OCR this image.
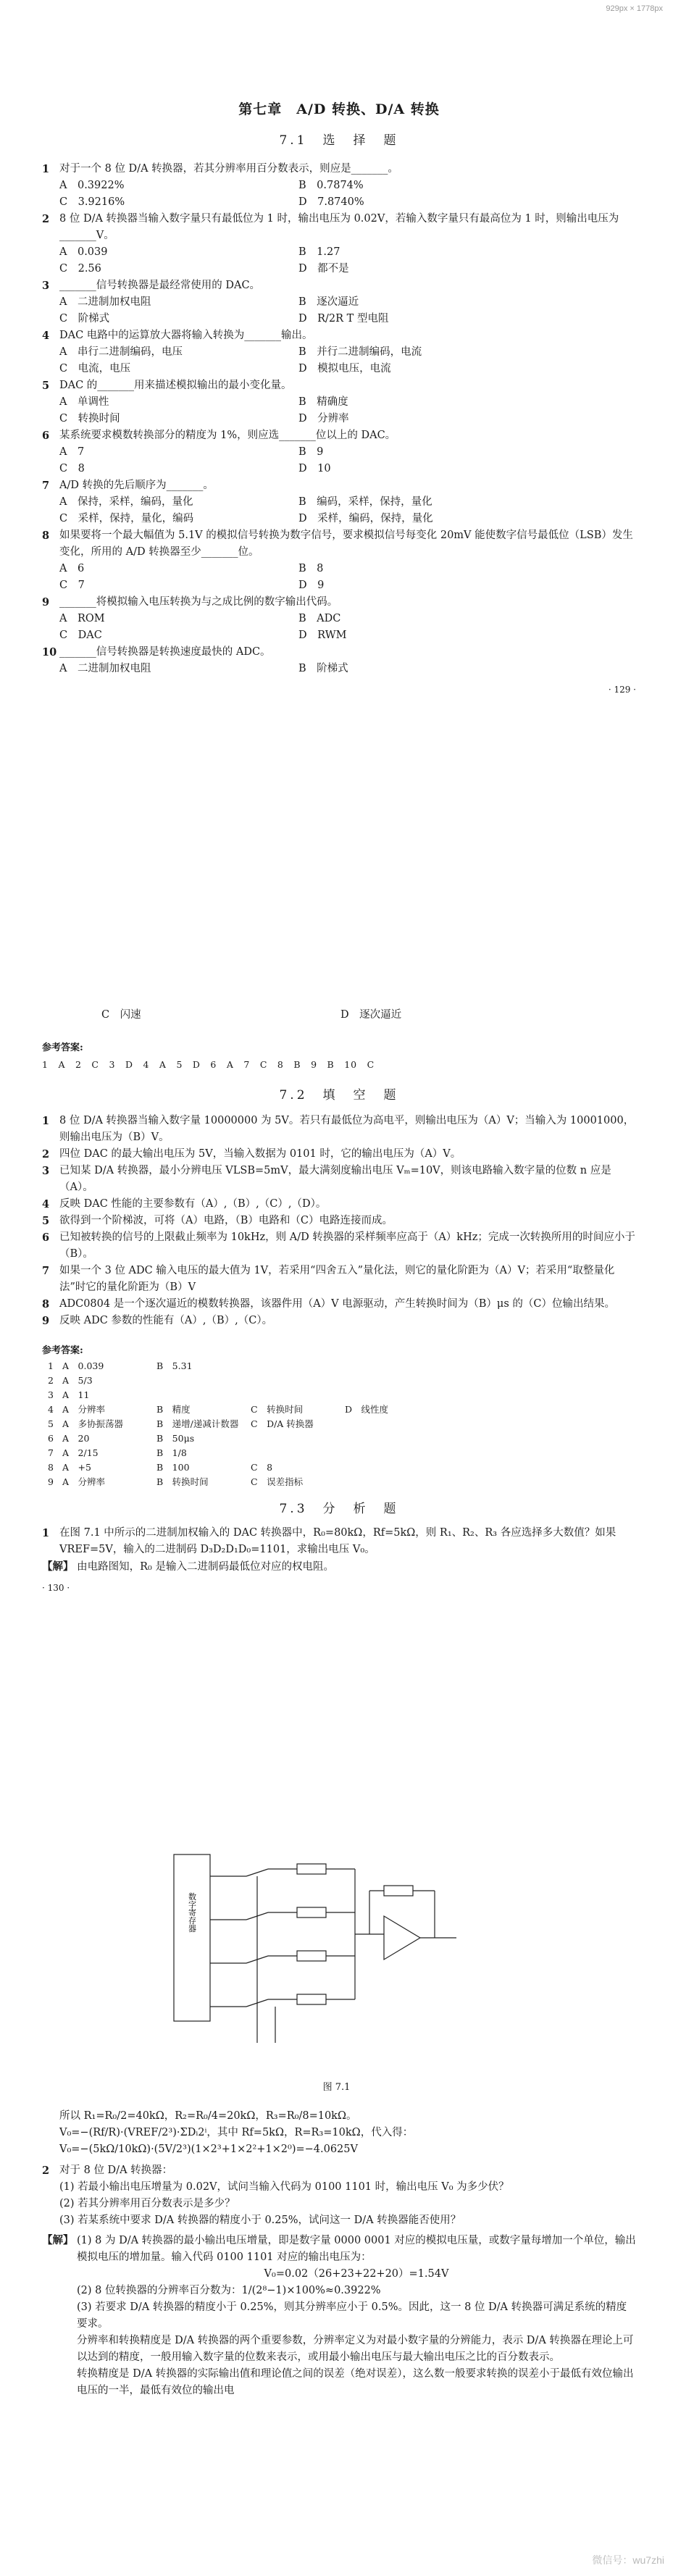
929px × 1778px

第七章　A/D 转换、D/A 转换

7.1　选　择　题

1 对于一个 8 位 D/A 转换器，若其分辨率用百分数表示，则应是_______。
A　0.3922%	B　0.7874%
C　3.9216%	D　7.8740%
2 8 位 D/A 转换器当输入数字量只有最低位为 1 时，输出电压为 0.02V，若输入数字量只有最高位为 1 时，则输出电压为_______V。
A　0.039	B　1.27
C　2.56	D　都不是
3 _______信号转换器是最经常使用的 DAC。
A　二进制加权电阻	B　逐次逼近
C　阶梯式	D　R/2R T 型电阻
4 DAC 电路中的运算放大器将输入转换为_______输出。
A　串行二进制编码，电压	B　并行二进制编码，电流
C　电流，电压	D　模拟电压，电流
5 DAC 的_______用来描述模拟输出的最小变化量。
A　单调性	B　精确度
C　转换时间	D　分辨率
6 某系统要求模数转换部分的精度为 1%，则应选_______位以上的 DAC。
A　7	B　9
C　8	D　10
7 A/D 转换的先后顺序为_______。
A　保持，采样，编码，量化	B　编码，采样，保持，量化
C　采样，保持，量化，编码	D　采样，编码，保持，量化
8 如果要将一个最大幅值为 5.1V 的模拟信号转换为数字信号，要求模拟信号每变化 20mV 能使数字信号最低位（LSB）发生变化，所用的 A/D 转换器至少_______位。
A　6	B　8
C　7	D　9
9 _______将模拟输入电压转换为与之成比例的数字输出代码。
A　ROM	B　ADC
C　DAC	D　RWM
10 _______信号转换器是转换速度最快的 ADC。
A　二进制加权电阻	B　阶梯式

· 129 ·

C　闪速	D　逐次逼近
参考答案:
1　A　2　C　3　D　4　A　5　D　6　A　7　C　8　B　9　B　10　C

7.2　填　空　题

1 8 位 D/A 转换器当输入数字量 10000000 为 5V。若只有最低位为高电平，则输出电压为（A）V；当输入为 10001000，则输出电压为（B）V。
2 四位 DAC 的最大输出电压为 5V，当输入数据为 0101 时，它的输出电压为（A）V。
3 已知某 D/A 转换器，最小分辨电压 VLSB=5mV，最大满刻度输出电压 Vₘ=10V，则该电路输入数字量的位数 n 应是（A）。
4 反映 DAC 性能的主要参数有（A）,（B）,（C）,（D）。
5 欲得到一个阶梯波，可将（A）电路，（B）电路和（C）电路连接而成。
6 已知被转换的信号的上限截止频率为 10kHz，则 A/D 转换器的采样频率应高于（A）kHz；完成一次转换所用的时间应小于（B）。
7 如果一个 3 位 ADC 输入电压的最大值为 1V，若采用“四舍五入”量化法，则它的量化阶距为（A）V；若采用“取整量化法”时它的量化阶距为（B）V
8 ADC0804 是一个逐次逼近的模数转换器，该器件用（A）V 电源驱动，产生转换时间为（B）μs 的（C）位输出结果。
9 反映 ADC 参数的性能有（A）,（B）,（C）。
参考答案:
1 A　0.039	B　5.31
2 A　5/3
3 A　11
4 A　分辨率	B　精度	C　转换时间	D　线性度
5 A　多协振荡器	B　递增/递减计数器	C　D/A 转换器
6 A　20	B　50μs
7 A　2/15	B　1/8
8 A　+5	B　100	C　8
9 A　分辨率	B　转换时间	C　误差指标

7.3　分　析　题

1 在图 7.1 中所示的二进制加权输入的 DAC 转换器中，R₀=80kΩ，Rf=5kΩ，则 R₁、R₂、R₃ 各应选择多大数值？如果 VREF=5V，输入的二进制码 D₃D₂D₁D₀=1101，求输出电压 V₀。
【解】 由电路图知，R₀ 是输入二进制码最低位对应的权电阻。

· 130 ·

数字寄存器
图 7.1
所以 R₁=R₀/2=40kΩ，R₂=R₀/4=20kΩ，R₃=R₀/8=10kΩ。
V₀=−(Rf/R)·(VREF/2³)·ΣDᵢ2ⁱ，其中 Rf=5kΩ，R=R₃=10kΩ，代入得：
V₀=−(5kΩ/10kΩ)·(5V/2³)(1×2³+1×2²+1×2⁰)=−4.0625V
2 对于 8 位 D/A 转换器：
(1) 若最小输出电压增量为 0.02V，试问当输入代码为 0100 1101 时，输出电压 V₀ 为多少伏？
(2) 若其分辨率用百分数表示是多少？
(3) 若某系统中要求 D/A 转换器的精度小于 0.25%，试问这一 D/A 转换器能否使用？
【解】 (1) 8 为 D/A 转换器的最小输出电压增量，即是数字量 0000 0001 对应的模拟电压量，或数字量每增加一个单位，输出模拟电压的增加量。输入代码 0100 1101 对应的输出电压为：
V₀=0.02（26+23+22+20）=1.54V
(2) 8 位转换器的分辨率百分数为：1/(2⁸−1)×100%≈0.3922%
(3) 若要求 D/A 转换器的精度小于 0.25%，则其分辨率应小于 0.5%。因此，这一 8 位 D/A 转换器可满足系统的精度要求。
分辨率和转换精度是 D/A 转换器的两个重要参数，分辨率定义为对最小数字量的分辨能力，表示 D/A 转换器在理论上可以达到的精度，一般用输入数字量的位数来表示，或用最小输出电压与最大输出电压之比的百分数表示。
转换精度是 D/A 转换器的实际输出值和理论值之间的误差（绝对误差），这么数一般要求转换的误差小于最低有效位输出电压的一半，最低有效位的输出电
微信号：wu7zhi
